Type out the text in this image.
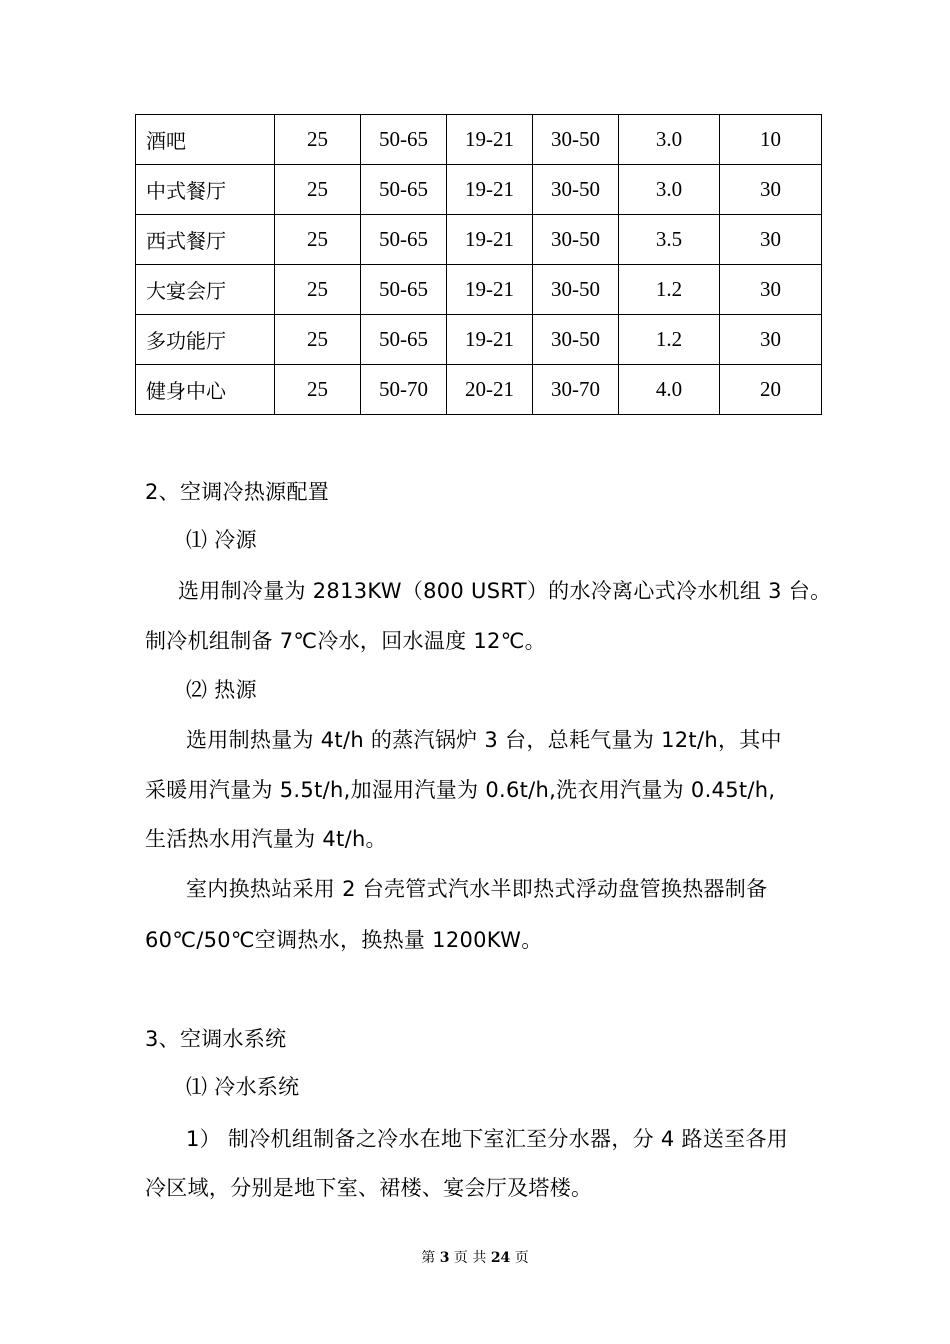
酒吧	25	50-65	19-21	30-50	3.0	10
中式餐厅	25	50-65	19-21	30-50	3.0	30
西式餐厅	25	50-65	19-21	30-50	3.5	30
大宴会厅	25	50-65	19-21	30-50	1.2	30
多功能厅	25	50-65	19-21	30-50	1.2	30
健身中心	25	50-70	20-21	30-70	4.0	20
2、空调冷热源配置
⑴ 冷源
选用制冷量为 2813KW（800 USRT）的水冷离心式冷水机组 3 台。
制冷机组制备 7℃冷水，回水温度 12℃。
⑵ 热源
选用制热量为 4t/h 的蒸汽锅炉 3 台，总耗气量为 12t/h，其中
采暖用汽量为 5.5t/h,加湿用汽量为 0.6t/h,洗衣用汽量为 0.45t/h,
生活热水用汽量为 4t/h。
室内换热站采用 2 台壳管式汽水半即热式浮动盘管换热器制备
60℃/50℃空调热水，换热量 1200KW。
3、空调水系统
⑴ 冷水系统
1） 制冷机组制备之冷水在地下室汇至分水器，分 4 路送至各用
冷区域，分别是地下室、裙楼、宴会厅及塔楼。
第 3 页 共 24 页
